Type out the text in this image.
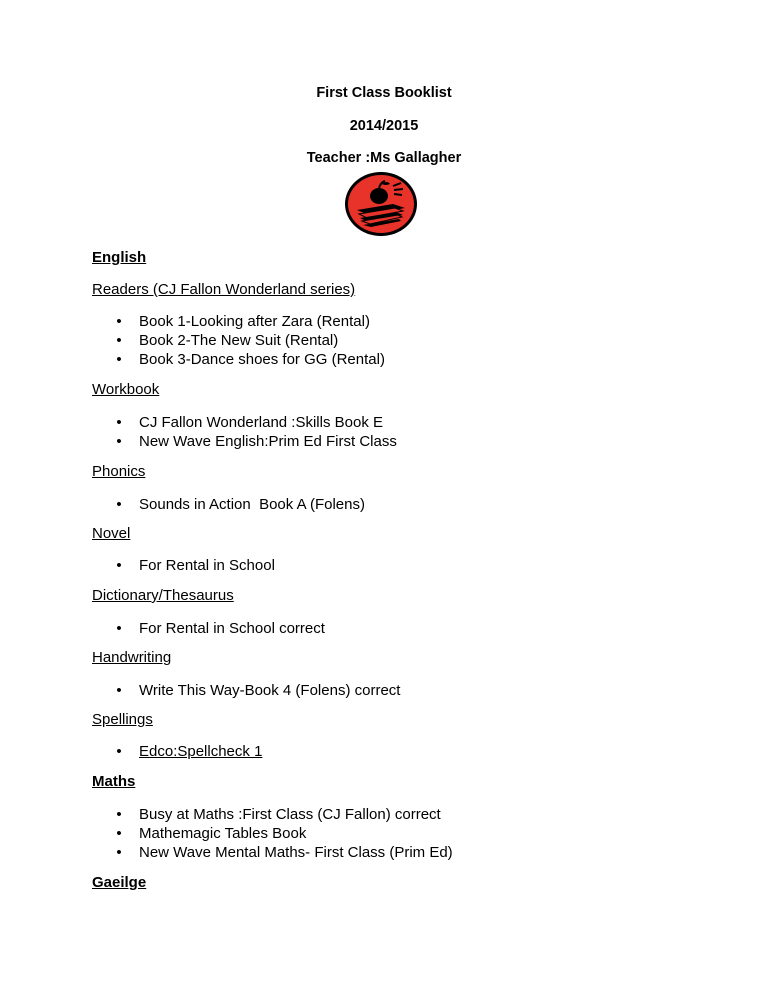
First Class Booklist
2014/2015
Teacher :Ms Gallagher
English
Readers (CJ Fallon Wonderland series)
• Book 1-Looking after Zara (Rental)
• Book 2-The New Suit (Rental)
• Book 3-Dance shoes for GG (Rental)
Workbook
• CJ Fallon Wonderland :Skills Book E
• New Wave English:Prim Ed First Class
Phonics
• Sounds in Action  Book A (Folens)
Novel
• For Rental in School
Dictionary/Thesaurus
• For Rental in School correct
Handwriting
• Write This Way-Book 4 (Folens) correct
Spellings
• Edco:Spellcheck 1
Maths
• Busy at Maths :First Class (CJ Fallon) correct
• Mathemagic Tables Book
• New Wave Mental Maths- First Class (Prim Ed)
Gaeilge
